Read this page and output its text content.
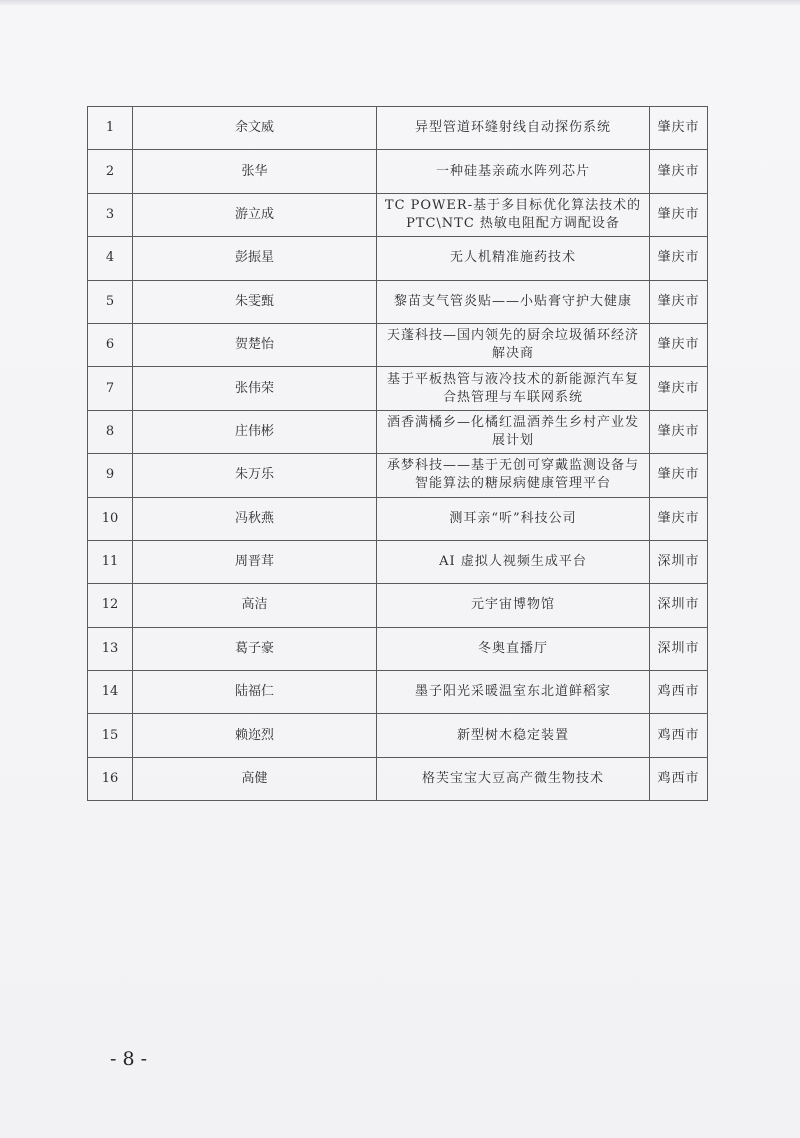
1	余文威	异型管道环缝射线自动探伤系统	肇庆市
2	张华	一种硅基亲疏水阵列芯片	肇庆市
3	游立成	TC POWER-基于多目标优化算法技术的PTC\NTC 热敏电阻配方调配设备	肇庆市
4	彭振星	无人机精准施药技术	肇庆市
5	朱雯甄	黎苗支气管炎贴——小贴膏守护大健康	肇庆市
6	贺楚怡	天蓬科技—国内领先的厨余垃圾循环经济解决商	肇庆市
7	张伟荣	基于平板热管与液冷技术的新能源汽车复合热管理与车联网系统	肇庆市
8	庄伟彬	酒香满橘乡—化橘红温酒养生乡村产业发展计划	肇庆市
9	朱万乐	承梦科技——基于无创可穿戴监测设备与智能算法的糖尿病健康管理平台	肇庆市
10	冯秋燕	测耳亲“听”科技公司	肇庆市
11	周晋茸	AI 虚拟人视频生成平台	深圳市
12	高洁	元宇宙博物馆	深圳市
13	葛子豪	冬奥直播厅	深圳市
14	陆福仁	墨子阳光采暖温室东北道鲜稻家	鸡西市
15	赖迩烈	新型树木稳定装置	鸡西市
16	高健	格芙宝宝大豆高产微生物技术	鸡西市
- 8 -
